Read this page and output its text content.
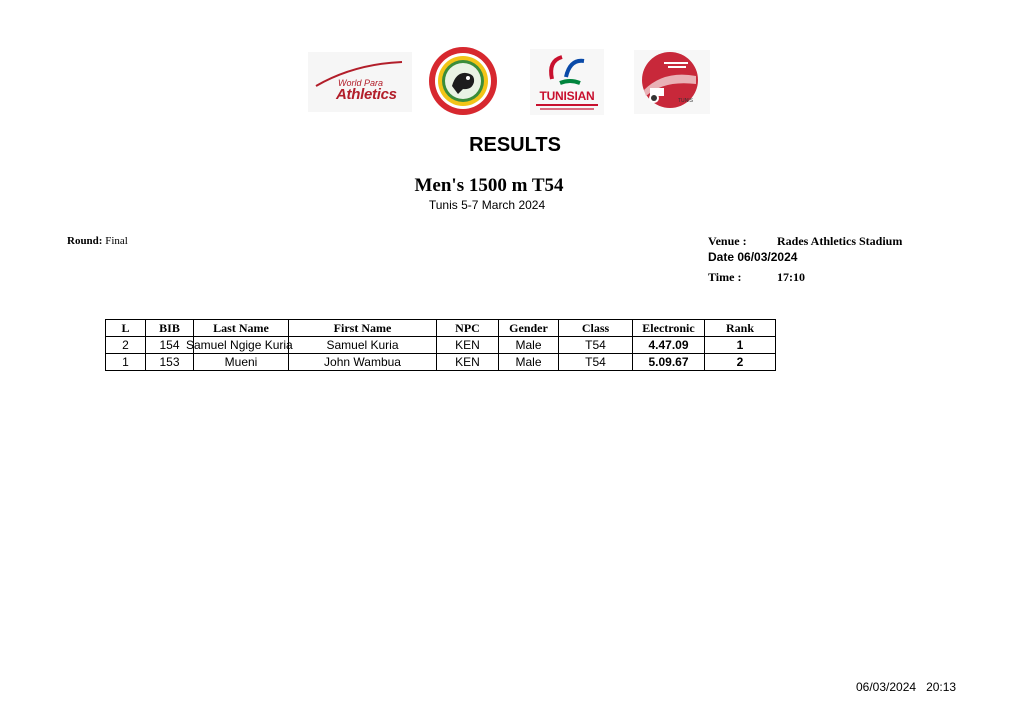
World Para
Athletics	TUNISIAN	TUNIS
RESULTS
Men's 1500 m T54
Tunis 5-7 March 2024
Round: Final	Venue :	Rades Athletics Stadium
Date 06/03/2024
Time :	17:10
L	BIB	Last Name	First Name	NPC	Gender	Class	Electronic	Rank
2	154	Samuel Ngige Kuria	Samuel Kuria	KEN	Male	T54	4.47.09	1
1	153	Mueni	John Wambua	KEN	Male	T54	5.09.67	2
06/03/2024 20:13
